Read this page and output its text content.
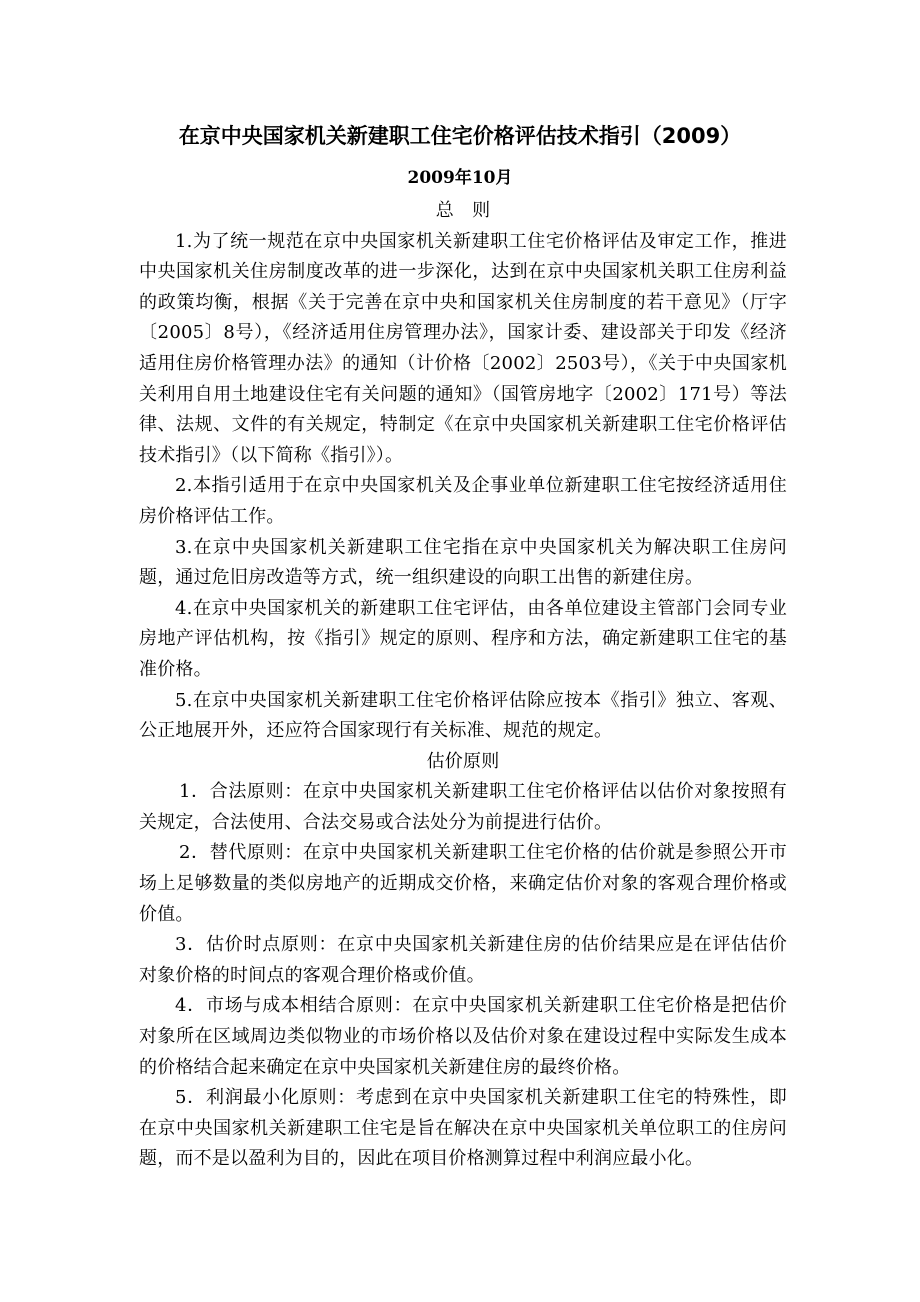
在京中央国家机关新建职工住宅价格评估技术指引（2009）
2009年10月

总　则

1.为了统一规范在京中央国家机关新建职工住宅价格评估及审定工作，推进中央国家机关住房制度改革的进一步深化，达到在京中央国家机关职工住房利益的政策均衡，根据《关于完善在京中央和国家机关住房制度的若干意见》（厅字〔2005〕8号），《经济适用住房管理办法》，国家计委、建设部关于印发《经济适用住房价格管理办法》的通知（计价格〔2002〕2503号），《关于中央国家机关利用自用土地建设住宅有关问题的通知》（国管房地字〔2002〕171号）等法律、法规、文件的有关规定，特制定《在京中央国家机关新建职工住宅价格评估技术指引》（以下简称《指引》）。

2.本指引适用于在京中央国家机关及企事业单位新建职工住宅按经济适用住房价格评估工作。

3.在京中央国家机关新建职工住宅指在京中央国家机关为解决职工住房问题，通过危旧房改造等方式，统一组织建设的向职工出售的新建住房。

4.在京中央国家机关的新建职工住宅评估，由各单位建设主管部门会同专业房地产评估机构，按《指引》规定的原则、程序和方法，确定新建职工住宅的基准价格。

5.在京中央国家机关新建职工住宅价格评估除应按本《指引》独立、客观、公正地展开外，还应符合国家现行有关标准、规范的规定。

估价原则

1．合法原则：在京中央国家机关新建职工住宅价格评估以估价对象按照有关规定，合法使用、合法交易或合法处分为前提进行估价。

2．替代原则：在京中央国家机关新建职工住宅价格的估价就是参照公开市场上足够数量的类似房地产的近期成交价格，来确定估价对象的客观合理价格或价值。

3．估价时点原则：在京中央国家机关新建住房的估价结果应是在评估估价对象价格的时间点的客观合理价格或价值。

4．市场与成本相结合原则：在京中央国家机关新建职工住宅价格是把估价对象所在区域周边类似物业的市场价格以及估价对象在建设过程中实际发生成本的价格结合起来确定在京中央国家机关新建住房的最终价格。

5．利润最小化原则：考虑到在京中央国家机关新建职工住宅的特殊性，即在京中央国家机关新建职工住宅是旨在解决在京中央国家机关单位职工的住房问题，而不是以盈利为目的，因此在项目价格测算过程中利润应最小化。
